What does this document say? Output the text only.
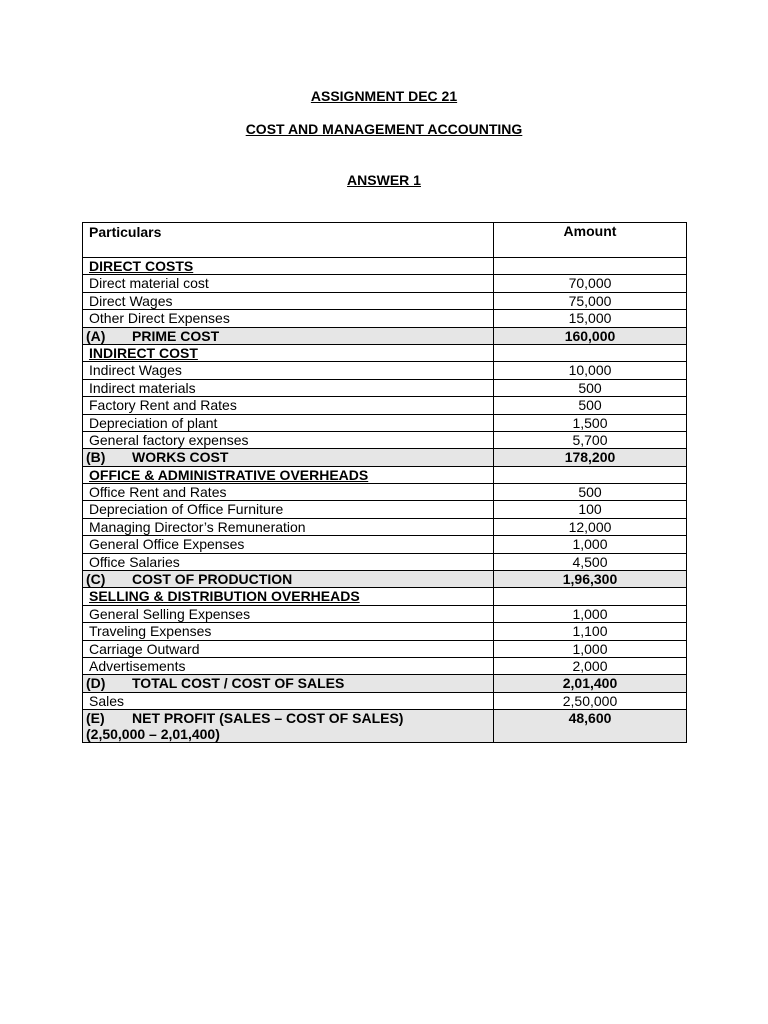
ASSIGNMENT DEC 21
COST AND MANAGEMENT ACCOUNTING
ANSWER 1
Particulars	Amount
DIRECT COSTS	
Direct material cost	70,000
Direct Wages	75,000
Other Direct Expenses	15,000
(A) PRIME COST	160,000
INDIRECT COST	
Indirect Wages	10,000
Indirect materials	500
Factory Rent and Rates	500
Depreciation of plant	1,500
General factory expenses	5,700
(B) WORKS COST	178,200
OFFICE & ADMINISTRATIVE OVERHEADS	
Office Rent and Rates	500
Depreciation of Office Furniture	100
Managing Director’s Remuneration	12,000
General Office Expenses	1,000
Office Salaries	4,500
(C) COST OF PRODUCTION	1,96,300
SELLING & DISTRIBUTION OVERHEADS	
General Selling Expenses	1,000
Traveling Expenses	1,100
Carriage Outward	1,000
Advertisements	2,000
(D) TOTAL COST / COST OF SALES	2,01,400
Sales	2,50,000
(E) NET PROFIT (SALES – COST OF SALES)
(2,50,000 – 2,01,400)	48,600
